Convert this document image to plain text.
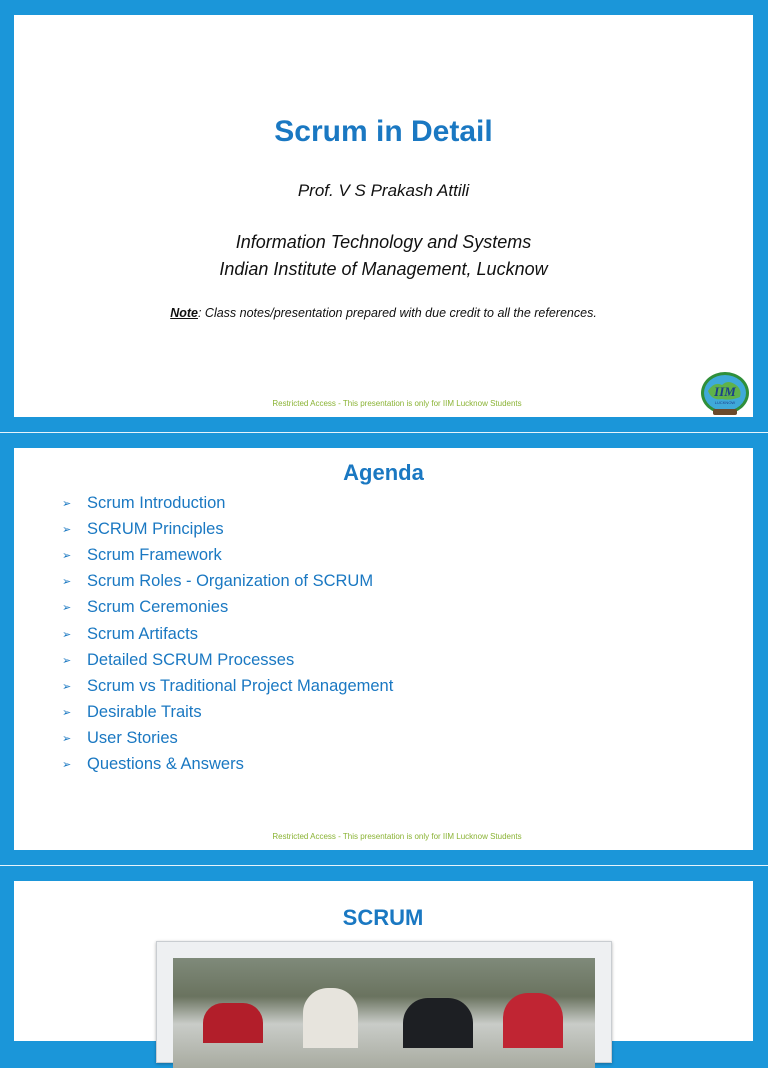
Scrum in Detail
Prof. V S Prakash Attili
Information Technology and Systems
Indian Institute of Management, Lucknow
Note: Class notes/presentation prepared with due credit to all the references.
Restricted Access - This presentation is only for IIM Lucknow Students
IIM
LUCKNOW
Agenda
➢ Scrum Introduction
➢ SCRUM Principles
➢ Scrum Framework
➢ Scrum Roles - Organization of SCRUM
➢ Scrum Ceremonies
➢ Scrum Artifacts
➢ Detailed SCRUM Processes
➢ Scrum vs Traditional Project Management
➢ Desirable Traits
➢ User Stories
➢ Questions & Answers
Restricted Access - This presentation is only for IIM Lucknow Students
SCRUM
